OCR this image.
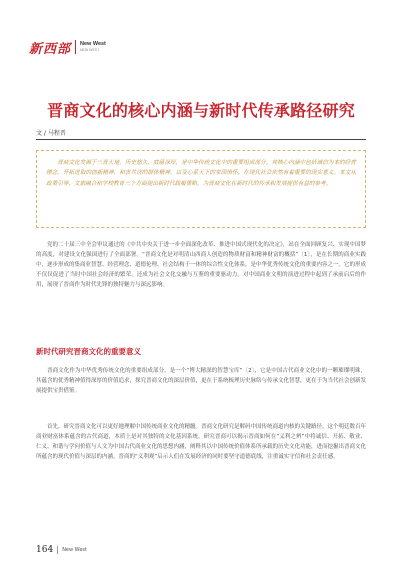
新西部 New West
NEW WEST
晋商文化的核心内涵与新时代传承路径研究
文 / 马程晋

晋商文化发源于三晋大地，历史悠久、底蕴深厚，是中华传统文化中的重要组成部分。其核心内涵中包括诚信为本的经营理念，开拓进取的创新精神，和衷共济的群体精神，以及心系天下的家国情怀。在现代社会依然有着重要的现实意义。本文从政策引导、文旅融合和学校教育三个方面提出新时代践履策略，为晋商文化在新时代的传承和发展提供有益的参考。

党的二十届三中全会审议通过的《中共中央关于进一步全面深化改革、推进中国式现代化的决定》，站在全面回顾复兴、实现中国梦的高度，对建设文化强国进行了全面部署。“晋商文化是对明清山西商人创造的物质财富和精神财富的概括”〔1〕，是在长期的商业实践中，逐步形成的集商业智慧、经营理念、道德伦理、社会结构于一体的综合性文化体系，是中华优秀传统文化的重要内容之一。它的形成不仅仅促进了当时中国社会经济的繁荣，还成为社会文化交融与互鉴的重要驱动力。对中国商业文明的演进过程中起到了承前启后的作用，展现了晋商作为时代先锋的独特魅力与深远影响。

新时代研究晋商文化的重要意义

晋商文化作为中华优秀传统文化的重要组成部分，是一个“博大精深的智慧宝库”〔2〕，它是中国古代商业文化中的一颗璀璨明珠，其蕴含的优秀精神值得深厚的价值追求，探究晋商文化的深层价值，更在于系统梳理历史脉络与传承文化智慧，更在于为当代社会创新发展提供宝贵借鉴。

首先，研究晋商文化可以更好地理解中国传统商业文化的精髓。晋商文化研究是解码中国传统商道内核的关键路径。这个明廷数百年商业财富体系蕴含的古代商道，本质上是对其独特的文化基因系统。研究晋商可以揭示晋商如何在“义利之辨”中将诚信、开拓、敬业、仁义、和谐与学问价值与人文为中国古代商业文化的思想内涵，阐释其以中国传统价值体系所承载的历史文化功能，进而挖掘出晋商文化所蕴含的现代价值与深层的内涵。晋商的“义利观”启示人们在发展经济的同时要坚守道德底线，注重诚实守信和社会责任感。

164 New West
